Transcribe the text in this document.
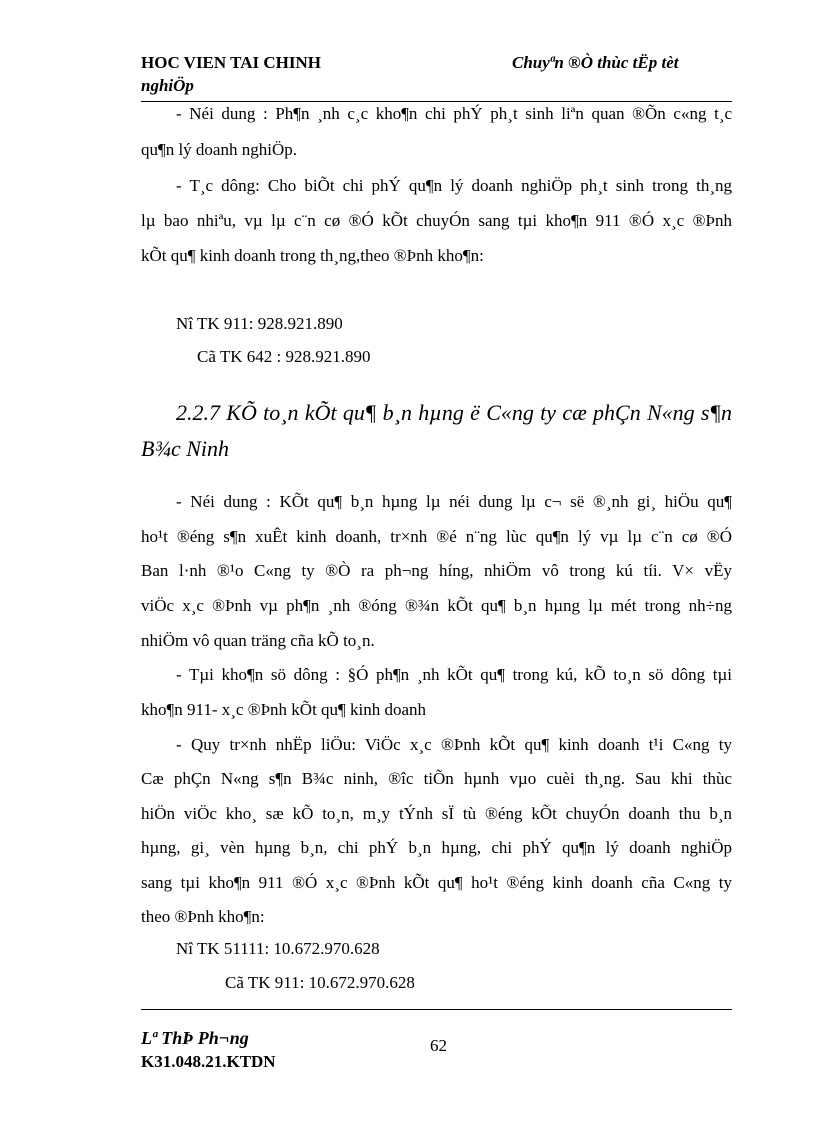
HOC VIEN TAI CHINH
nghiÖp
Chuyªn ®Ò thùc tËp tèt
- Néi dung : Ph¶n ¸nh c¸c kho¶n chi phÝ ph¸t sinh liªn quan ®Õn c«ng t¸c
qu¶n lý doanh nghiÖp.
- T¸c dông: Cho biÕt chi phÝ qu¶n lý doanh nghiÖp ph¸t sinh trong th¸ng
lµ bao nhiªu, vµ lµ c¨n cø ®Ó kÕt chuyÓn sang tµi kho¶n 911 ®Ó x¸c ®Þnh
kÕt qu¶ kinh doanh trong th¸ng,theo ®Þnh kho¶n:
Nî TK 911: 928.921.890
Cã TK 642 : 928.921.890
2.2.7 KÕ to¸n kÕt qu¶ b¸n hµng ë C«ng ty cæ phÇn N«ng s¶n
B¾c Ninh
- Néi dung : KÕt qu¶ b¸n hµng lµ néi dung lµ c¬ së ®¸nh gi¸ hiÖu qu¶
ho¹t ®éng s¶n xuÊt kinh doanh, tr×nh ®é n¨ng lùc qu¶n lý vµ lµ c¨n cø ®Ó
Ban l·nh ®¹o C«ng ty ®Ò ra ph¬ng híng, nhiÖm vô trong kú tíi. V× vËy
viÖc x¸c ®Þnh vµ ph¶n ¸nh ®óng ®¾n kÕt qu¶ b¸n hµng lµ mét trong nh÷ng
nhiÖm vô quan träng cña kÕ to¸n.
- Tµi kho¶n sö dông : §Ó ph¶n ¸nh kÕt qu¶ trong kú, kÕ to¸n sö dông tµi
kho¶n 911- x¸c ®Þnh kÕt qu¶ kinh doanh
- Quy tr×nh nhËp liÖu: ViÖc x¸c ®Þnh kÕt qu¶ kinh doanh t¹i C«ng ty
Cæ phÇn N«ng s¶n B¾c ninh, ®îc tiÕn hµnh vµo cuèi th¸ng. Sau khi thùc
hiÖn viÖc kho¸ sæ kÕ to¸n, m¸y tÝnh sÏ tù ®éng kÕt chuyÓn doanh thu b¸n
hµng, gi¸ vèn hµng b¸n, chi phÝ b¸n hµng, chi phÝ qu¶n lý doanh nghiÖp
sang tµi kho¶n 911 ®Ó x¸c ®Þnh kÕt qu¶ ho¹t ®éng kinh doanh cña C«ng ty
theo ®Þnh kho¶n:
Nî TK 51111: 10.672.970.628
Cã TK 911: 10.672.970.628
Lª ThÞ Ph¬ng	62
K31.048.21.KTDN
